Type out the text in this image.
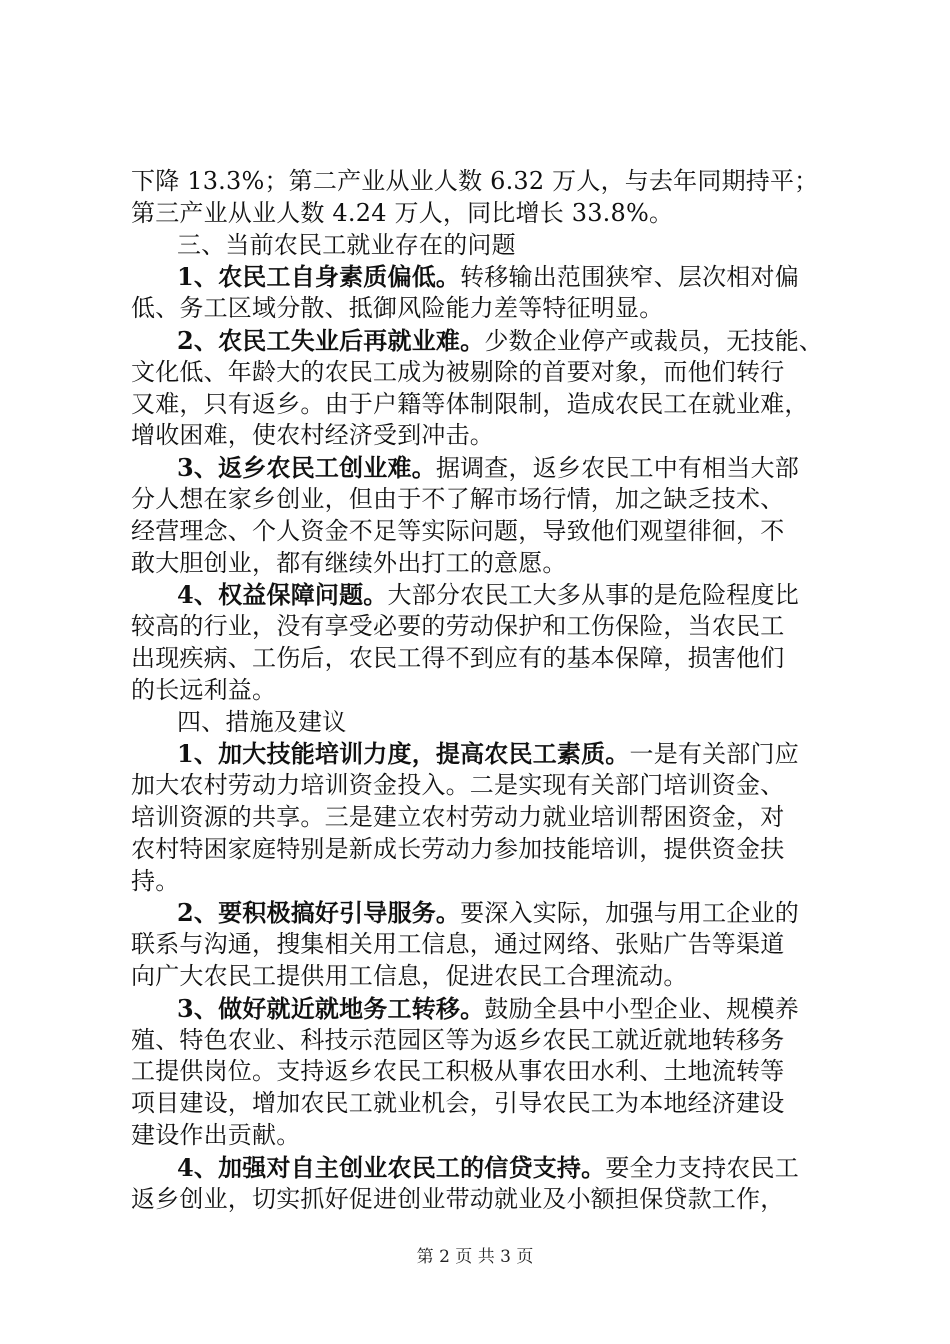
下降 13.3%；第二产业从业人数 6.32 万人，与去年同期持平；
第三产业从业人数 4.24 万人，同比增长 33.8%。
三、当前农民工就业存在的问题
1、农民工自身素质偏低。转移输出范围狭窄、层次相对偏
低、务工区域分散、抵御风险能力差等特征明显。
2、农民工失业后再就业难。少数企业停产或裁员，无技能、
文化低、年龄大的农民工成为被剔除的首要对象，而他们转行
又难，只有返乡。由于户籍等体制限制，造成农民工在就业难，
增收困难，使农村经济受到冲击。
3、返乡农民工创业难。据调查，返乡农民工中有相当大部
分人想在家乡创业，但由于不了解市场行情，加之缺乏技术、
经营理念、个人资金不足等实际问题，导致他们观望徘徊，不
敢大胆创业，都有继续外出打工的意愿。
4、权益保障问题。大部分农民工大多从事的是危险程度比
较高的行业，没有享受必要的劳动保护和工伤保险，当农民工
出现疾病、工伤后，农民工得不到应有的基本保障，损害他们
的长远利益。
四、措施及建议
1、加大技能培训力度，提高农民工素质。一是有关部门应
加大农村劳动力培训资金投入。二是实现有关部门培训资金、
培训资源的共享。三是建立农村劳动力就业培训帮困资金，对
农村特困家庭特别是新成长劳动力参加技能培训，提供资金扶
持。
2、要积极搞好引导服务。要深入实际，加强与用工企业的
联系与沟通，搜集相关用工信息，通过网络、张贴广告等渠道
向广大农民工提供用工信息，促进农民工合理流动。
3、做好就近就地务工转移。鼓励全县中小型企业、规模养
殖、特色农业、科技示范园区等为返乡农民工就近就地转移务
工提供岗位。支持返乡农民工积极从事农田水利、土地流转等
项目建设，增加农民工就业机会，引导农民工为本地经济建设
建设作出贡献。
4、加强对自主创业农民工的信贷支持。要全力支持农民工
返乡创业，切实抓好促进创业带动就业及小额担保贷款工作，
第 2 页 共 3 页
